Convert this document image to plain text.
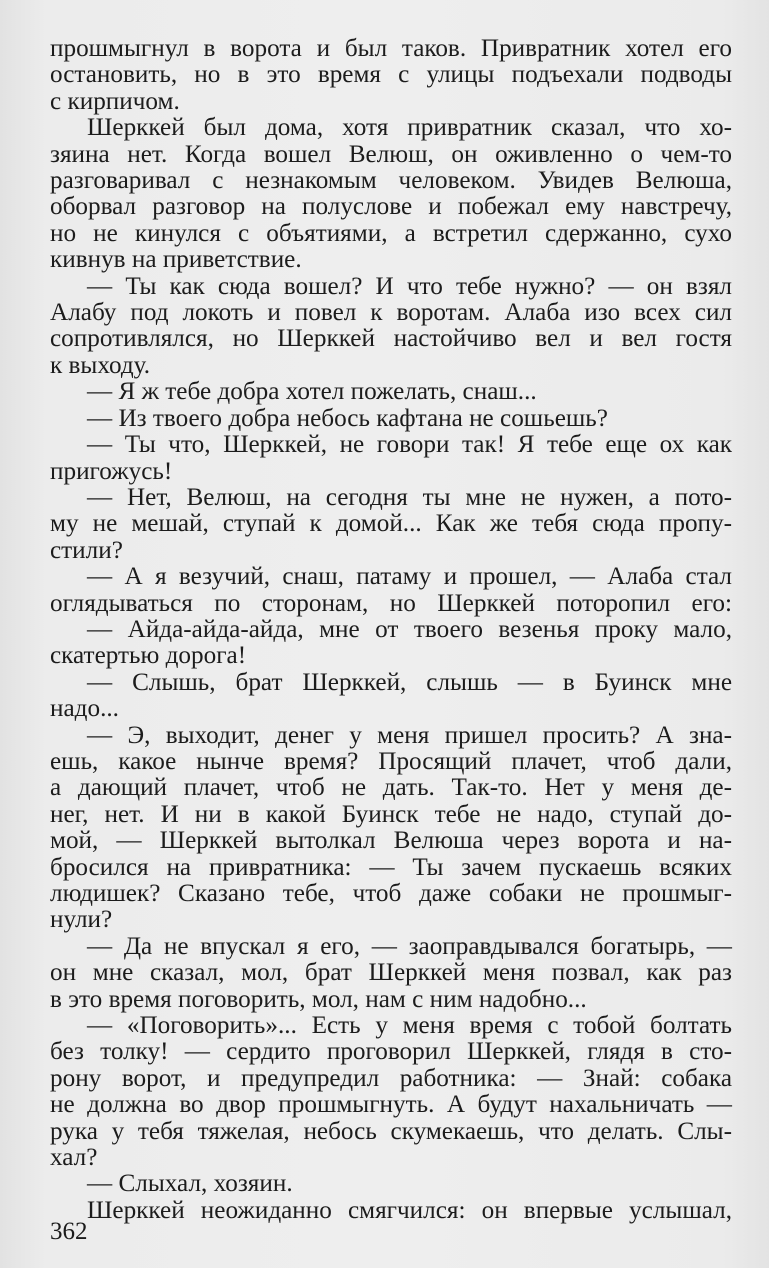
прошмыгнул в ворота и был таков. Привратник хотел его
остановить, но в это время с улицы подъехали подводы
с кирпичом.
Шерккей был дома, хотя привратник сказал, что хо-
зяина нет. Когда вошел Велюш, он оживленно о чем-то
разговаривал с незнакомым человеком. Увидев Велюша,
оборвал разговор на полуслове и побежал ему навстречу,
но не кинулся с объятиями, а встретил сдержанно, сухо
кивнув на приветствие.
— Ты как сюда вошел? И что тебе нужно? — он взял
Алабу под локоть и повел к воротам. Алаба изо всех сил
сопротивлялся, но Шерккей настойчиво вел и вел гостя
к выходу.
— Я ж тебе добра хотел пожелать, снаш...
— Из твоего добра небось кафтана не сошьешь?
— Ты что, Шерккей, не говори так! Я тебе еще ох как
пригожусь!
— Нет, Велюш, на сегодня ты мне не нужен, а пото-
му не мешай, ступай к домой... Как же тебя сюда пропу-
стили?
— А я везучий, снаш, патаму и прошел, — Алаба стал
оглядываться по сторонам, но Шерккей поторопил его:
— Айда-айда-айда, мне от твоего везенья проку мало,
скатертью дорога!
— Слышь, брат Шерккей, слышь — в Буинск мне
надо...
— Э, выходит, денег у меня пришел просить? А зна-
ешь, какое нынче время? Просящий плачет, чтоб дали,
а дающий плачет, чтоб не дать. Так-то. Нет у меня де-
нег, нет. И ни в какой Буинск тебе не надо, ступай до-
мой, — Шерккей вытолкал Велюша через ворота и на-
бросился на привратника: — Ты зачем пускаешь всяких
людишек? Сказано тебе, чтоб даже собаки не прошмыг-
нули?
— Да не впускал я его, — заоправдывался богатырь, —
он мне сказал, мол, брат Шерккей меня позвал, как раз
в это время поговорить, мол, нам с ним надобно...
— «Поговорить»... Есть у меня время с тобой болтать
без толку! — сердито проговорил Шерккей, глядя в сто-
рону ворот, и предупредил работника: — Знай: собака
не должна во двор прошмыгнуть. А будут нахальничать —
рука у тебя тяжелая, небось скумекаешь, что делать. Слы-
хал?
— Слыхал, хозяин.
Шерккей неожиданно смягчился: он впервые услышал,
362
